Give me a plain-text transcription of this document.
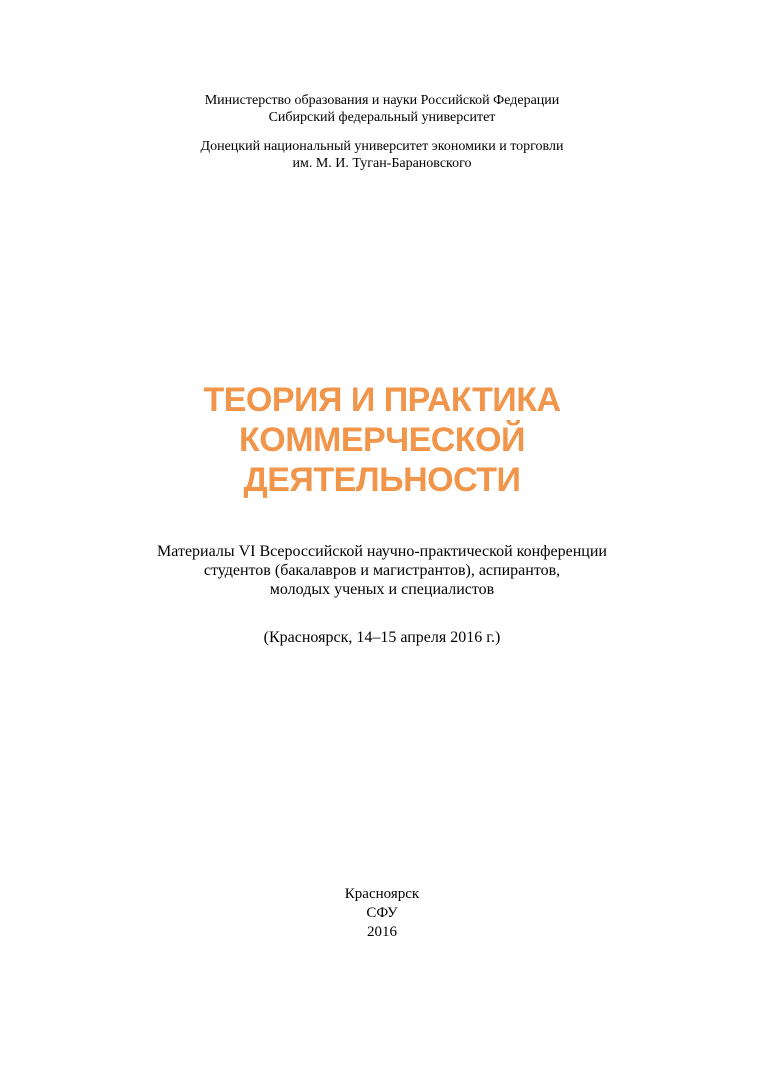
Министерство образования и науки Российской Федерации
Сибирский федеральный университет
Донецкий национальный университет экономики и торговли
им. М. И. Туган-Барановского
ТЕОРИЯ И ПРАКТИКА
КОММЕРЧЕСКОЙ
ДЕЯТЕЛЬНОСТИ
Материалы VI Всероссийской научно-практической конференции
студентов (бакалавров и магистрантов), аспирантов,
молодых ученых и специалистов
(Красноярск, 14–15 апреля 2016 г.)
Красноярск
СФУ
2016
